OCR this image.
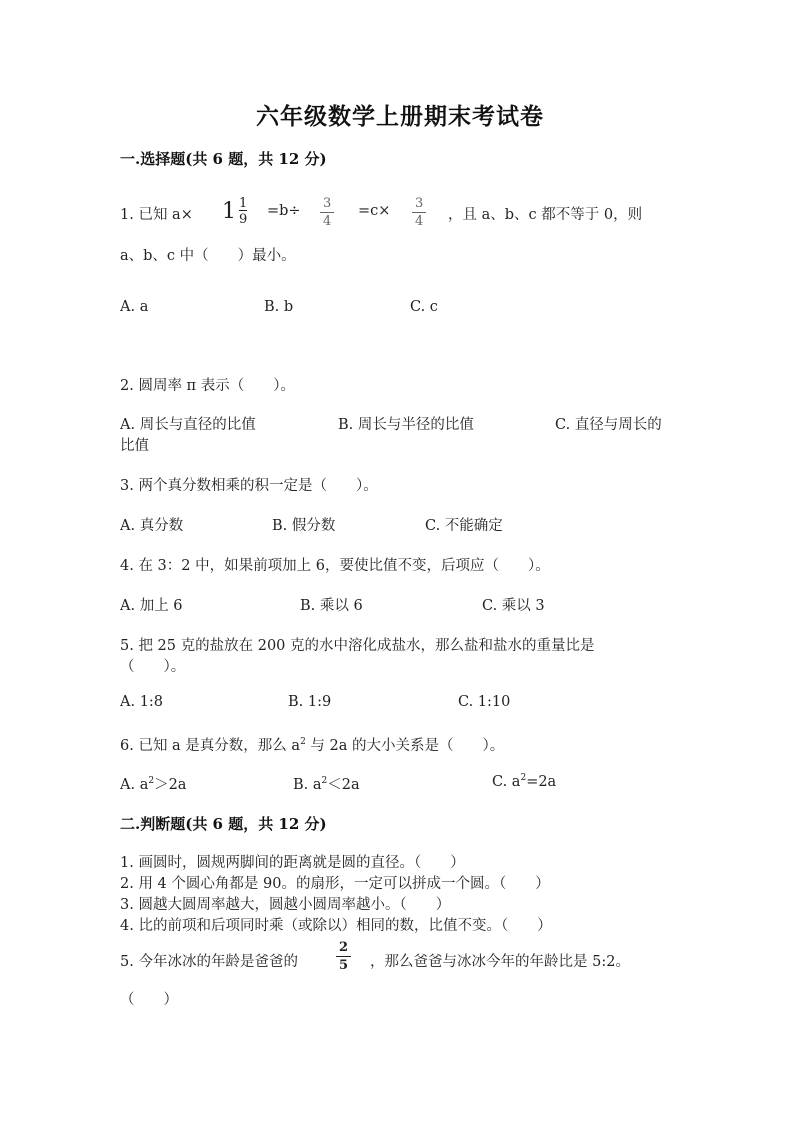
六年级数学上册期末考试卷
一.选择题(共 6 题，共 12 分)
1. 已知 a× 1 1
9
=b÷ 3
4
=c× 3
4 ，且 a、b、c 都不等于 0，则
a、b、c 中（　　）最小。
A. a	B. b	C. c
2. 圆周率 π 表示（　　）。
A. 周长与直径的比值	B. 周长与半径的比值	C. 直径与周长的
比值
3. 两个真分数相乘的积一定是（　　）。
A. 真分数	B. 假分数	C. 不能确定
4. 在 3：2 中，如果前项加上 6，要使比值不变，后项应（　　）。
A. 加上 6	B. 乘以 6	C. 乘以 3
5. 把 25 克的盐放在 200 克的水中溶化成盐水，那么盐和盐水的重量比是
（　　）。
A. 1:8	B. 1:9	C. 1:10
6. 已知 a 是真分数，那么 $a^2$ 与 2a 的大小关系是（　　）。
A. $a^2>2a$	B. $a^2<2a$	C. $a^2=2a$
二.判断题(共 6 题，共 12 分)
1. 画圆时，圆规两脚间的距离就是圆的直径。（　　）
2. 用 4 个圆心角都是 90。的扇形，一定可以拼成一个圆。（　　）
3. 圆越大圆周率越大，圆越小圆周率越小。（　　）
4. 比的前项和后项同时乘（或除以）相同的数，比值不变。（　　）
5. 今年冰冰的年龄是爸爸的
2
5 ，那么爸爸与冰冰今年的年龄比是 5:2。
（　　）
